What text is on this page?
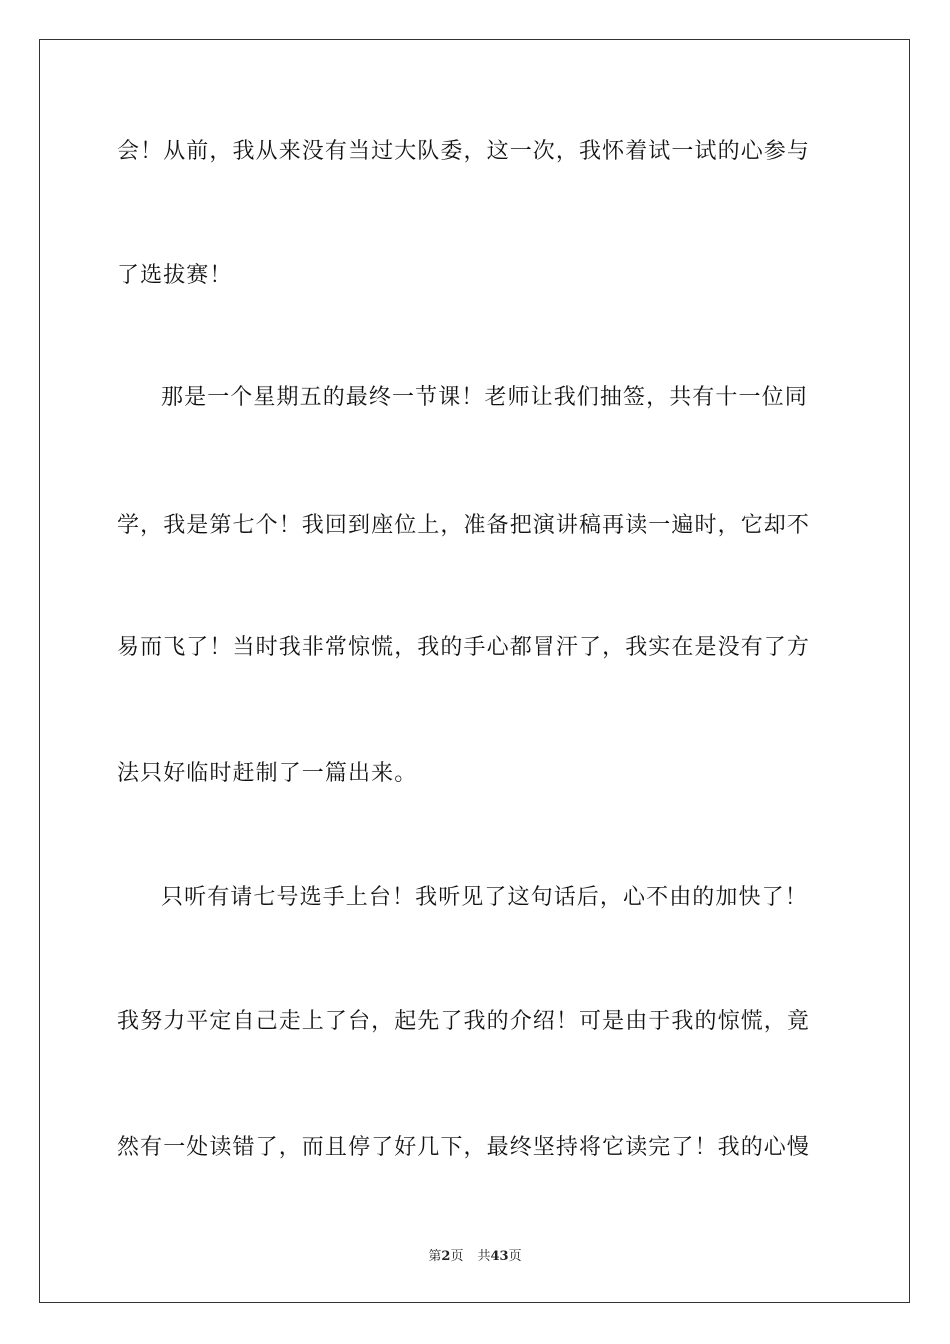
会！从前，我从来没有当过大队委，这一次，我怀着试一试的心参与
了选拔赛！
那是一个星期五的最终一节课！老师让我们抽签，共有十一位同
学，我是第七个！我回到座位上，准备把演讲稿再读一遍时，它却不
易而飞了！当时我非常惊慌，我的手心都冒汗了，我实在是没有了方
法只好临时赶制了一篇出来。
只听有请七号选手上台！我听见了这句话后，心不由的加快了！
我努力平定自己走上了台，起先了我的介绍！可是由于我的惊慌，竟
然有一处读错了，而且停了好几下，最终坚持将它读完了！我的心慢
第2页 共43页
